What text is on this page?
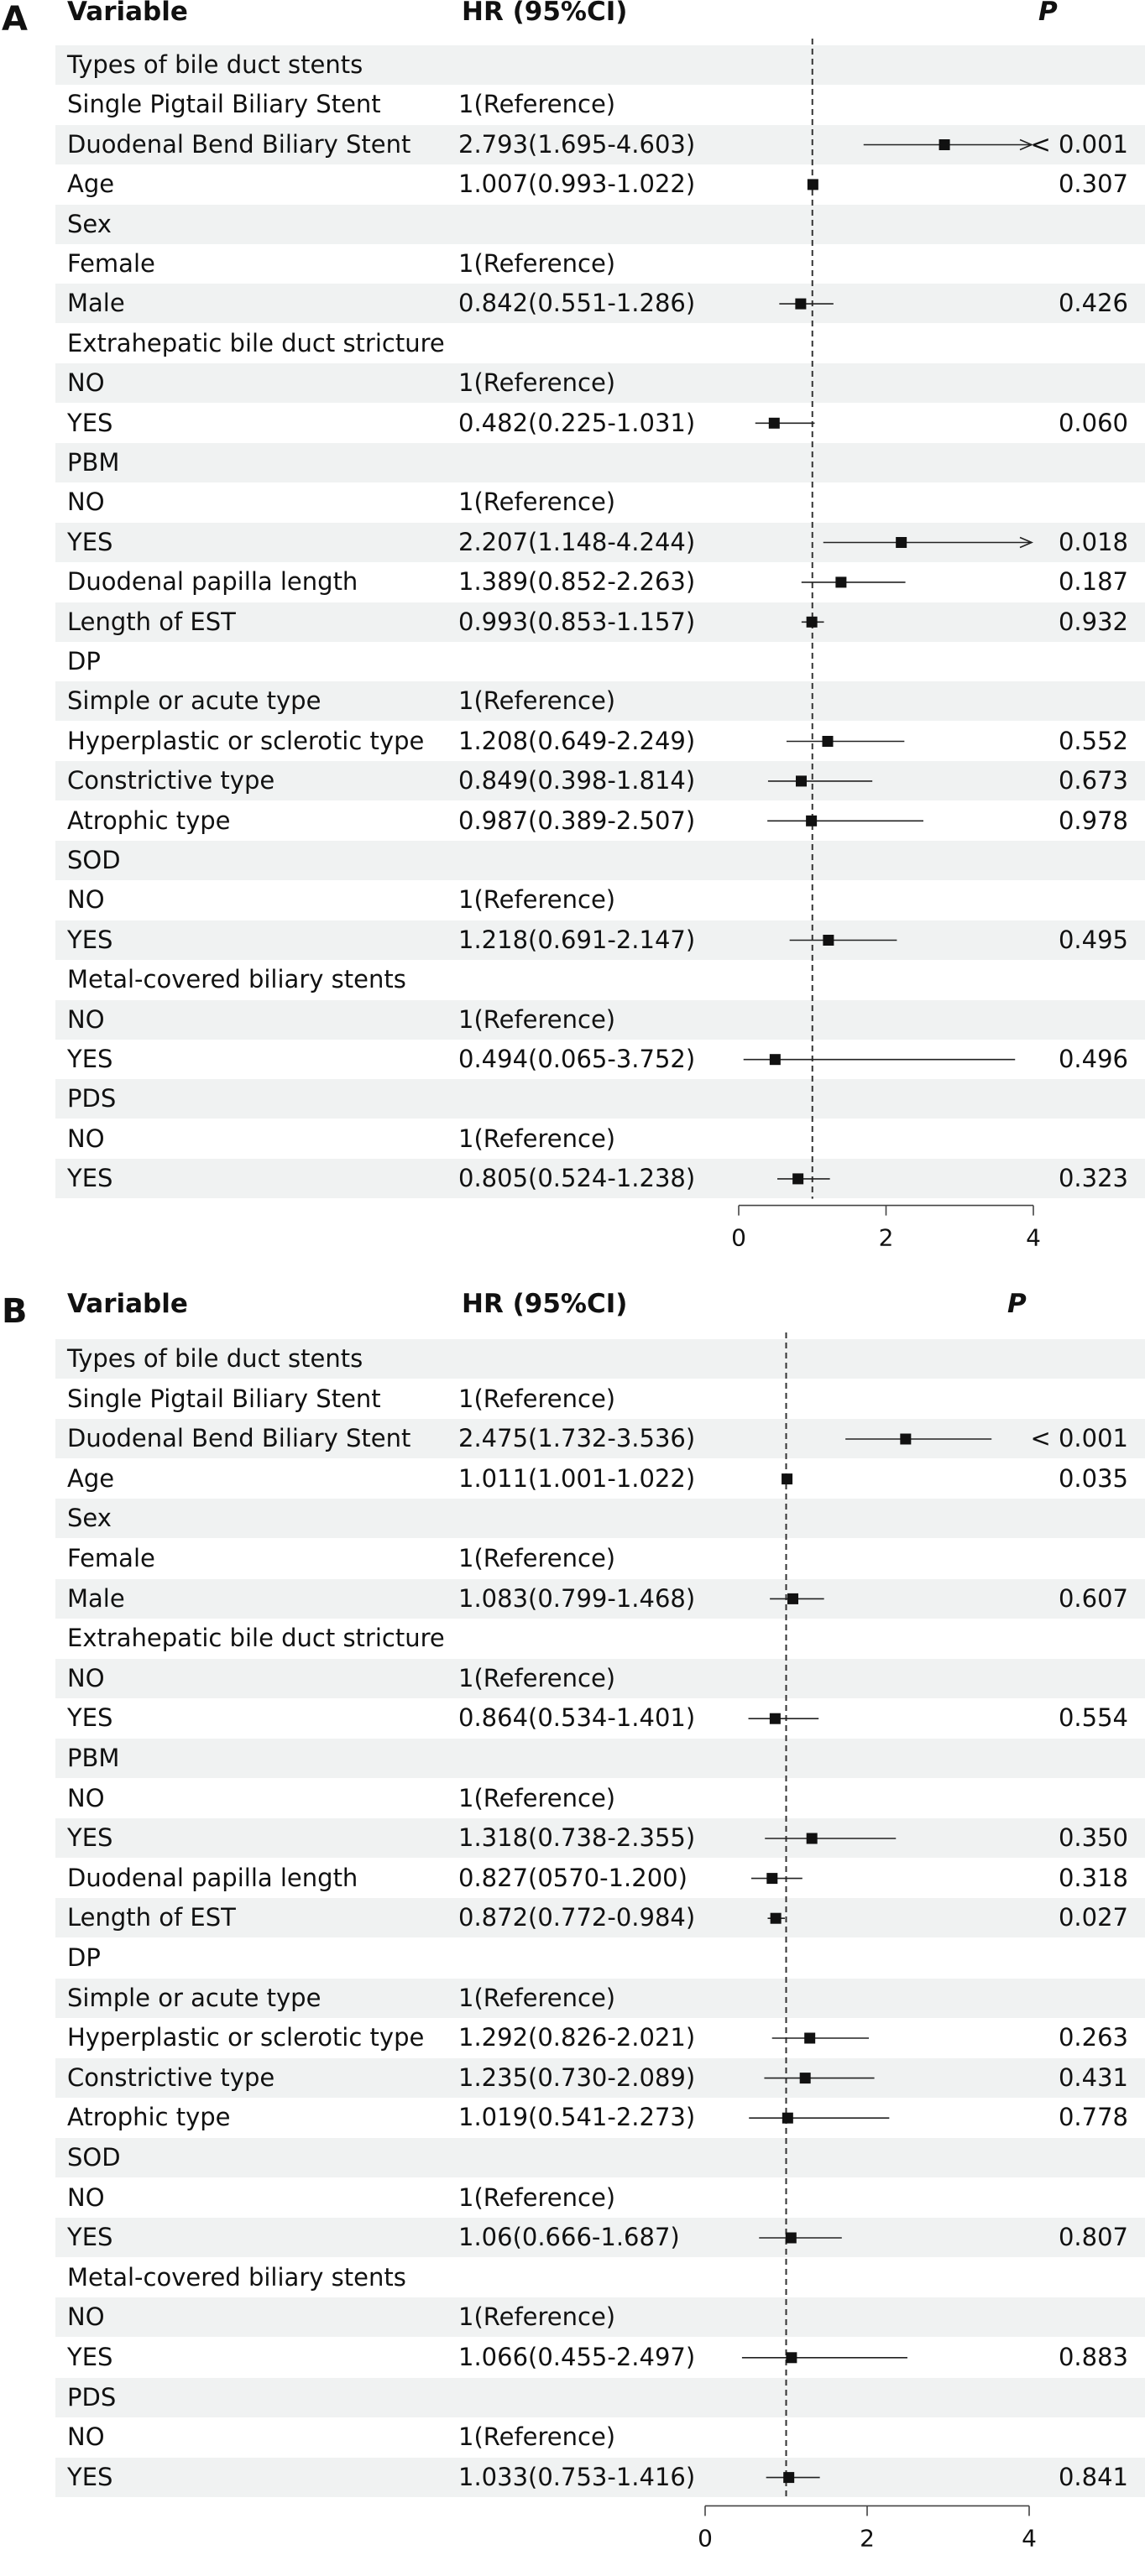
A Variable	HR (95%CI)	P
Types of bile duct stents
Single Pigtail Biliary Stent	1(Reference)
Duodenal Bend Biliary Stent 2.793(1.695-4.603)	< 0.001
Age	1.007(0.993-1.022)	0.307
Sex
Female	1(Reference)
Male	0.842(0.551-1.286)	0.426
Extrahepatic bile duct stricture
NO	1(Reference)
YES	0.482(0.225-1.031)	0.060
PBM
NO	1(Reference)
YES	2.207(1.148-4.244)	0.018
Duodenal papilla length	1.389(0.852-2.263)	0.187
Length of EST	0.993(0.853-1.157)	0.932
DP
Simple or acute type	1(Reference)
Hyperplastic or sclerotic type 1.208(0.649-2.249)	0.552
Constrictive type	0.849(0.398-1.814)	0.673
Atrophic type	0.987(0.389-2.507)	0.978
SOD
NO	1(Reference)
YES	1.218(0.691-2.147)	0.495
Metal-covered biliary stents
NO	1(Reference)
YES	0.494(0.065-3.752)	0.496
PDS
NO	1(Reference)
YES	0.805(0.524-1.238)	0.323
0	2	4
B Variable	HR (95%CI)	P
Types of bile duct stents
Single Pigtail Biliary Stent	1(Reference)
Duodenal Bend Biliary Stent 2.475(1.732-3.536)	< 0.001
Age	1.011(1.001-1.022)	0.035
Sex
Female	1(Reference)
Male	1.083(0.799-1.468)	0.607
Extrahepatic bile duct stricture
NO	1(Reference)
YES	0.864(0.534-1.401)	0.554
PBM
NO	1(Reference)
YES	1.318(0.738-2.355)	0.350
Duodenal papilla length	0.827(0570-1.200)	0.318
Length of EST	0.872(0.772-0.984)	0.027
DP
Simple or acute type	1(Reference)
Hyperplastic or sclerotic type 1.292(0.826-2.021)	0.263
Constrictive type	1.235(0.730-2.089)	0.431
Atrophic type	1.019(0.541-2.273)	0.778
SOD
NO	1(Reference)
YES	1.06(0.666-1.687)	0.807
Metal-covered biliary stents
NO	1(Reference)
YES	1.066(0.455-2.497)	0.883
PDS
NO	1(Reference)
YES	1.033(0.753-1.416)	0.841
0	2	4
